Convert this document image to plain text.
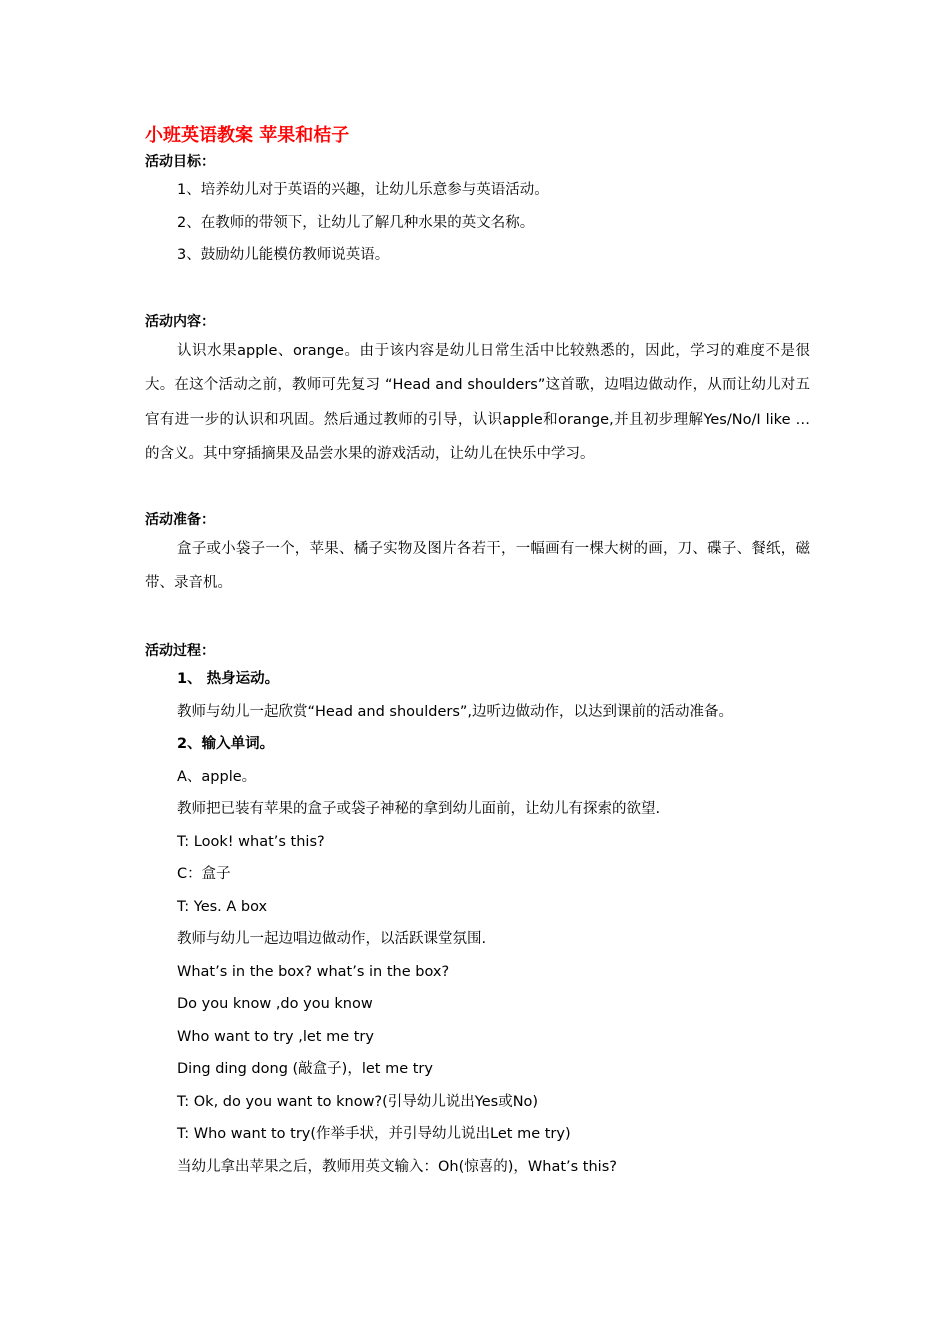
小班英语教案 苹果和桔子

活动目标：

1、培养幼儿对于英语的兴趣，让幼儿乐意参与英语活动。

2、在教师的带领下，让幼儿了解几种水果的英文名称。

3、鼓励幼儿能模仿教师说英语。

活动内容：

认识水果apple、orange。由于该内容是幼儿日常生活中比较熟悉的，因此，学习的难度不是很大。在这个活动之前，教师可先复习 “Head and shoulders”这首歌，边唱边做动作，从而让幼儿对五官有进一步的认识和巩固。然后通过教师的引导，认识apple和orange,并且初步理解Yes/No/I like …的含义。其中穿插摘果及品尝水果的游戏活动，让幼儿在快乐中学习。

活动准备：

盒子或小袋子一个，苹果、橘子实物及图片各若干，一幅画有一棵大树的画，刀、碟子、餐纸，磁带、录音机。

活动过程：

1、 热身运动。

教师与幼儿一起欣赏“Head and shoulders”,边听边做动作，以达到课前的活动准备。

2、输入单词。

A、apple。

教师把已装有苹果的盒子或袋子神秘的拿到幼儿面前，让幼儿有探索的欲望.

T: Look! what’s this?

C：盒子

T: Yes. A box

教师与幼儿一起边唱边做动作，以活跃课堂氛围.

What’s in the box? what’s in the box?

Do you know ,do you know

Who want to try ,let me try

Ding ding dong (敲盒子)，let me try

T: Ok, do you want to know?(引导幼儿说出Yes或No)

T: Who want to try(作举手状，并引导幼儿说出Let me try)

当幼儿拿出苹果之后，教师用英文输入：Oh(惊喜的)，What’s this?
